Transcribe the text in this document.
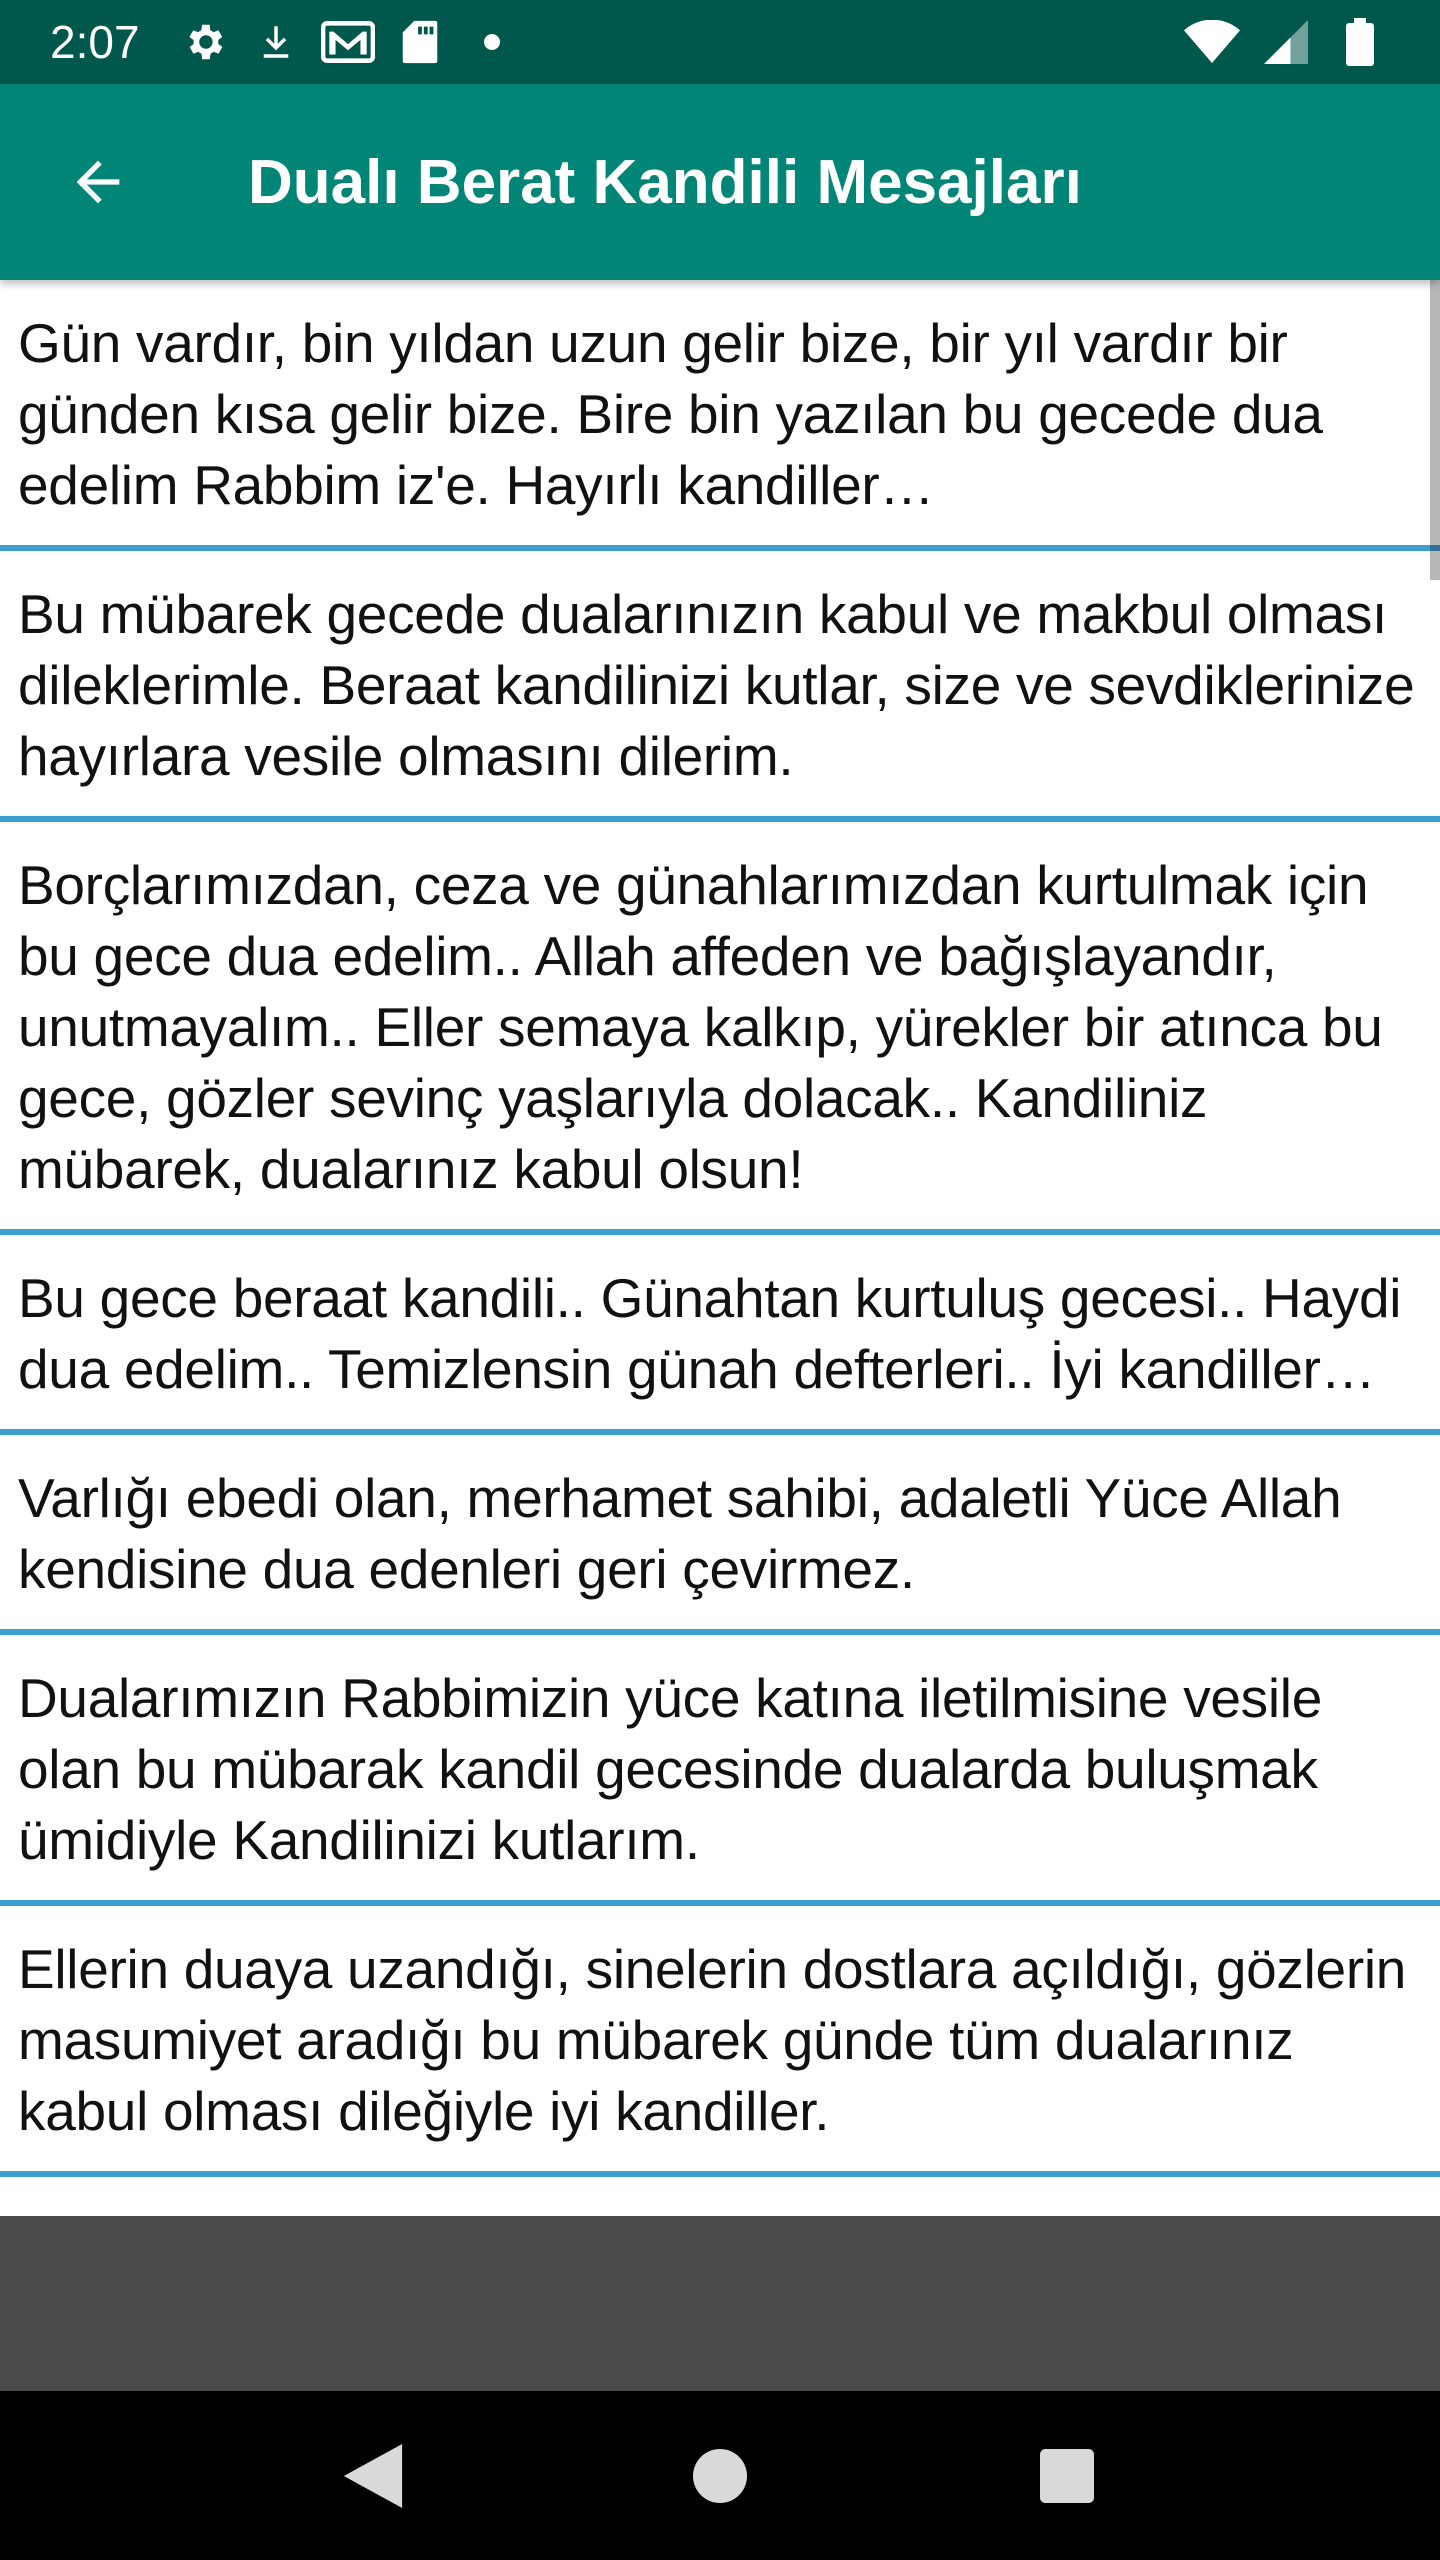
2:07
Dualı Berat Kandili Mesajları
Gün vardır, bin yıldan uzun gelir bize, bir yıl vardır bir günden kısa gelir bize. Bire bin yazılan bu gecede dua edelim Rabbim iz'e. Hayırlı kandiller…
Bu mübarek gecede dualarınızın kabul ve makbul olması dileklerimle. Beraat kandilinizi kutlar, size ve sevdiklerinize hayırlara vesile olmasını dilerim.
Borçlarımızdan, ceza ve günahlarımızdan kurtulmak için bu gece dua edelim.. Allah affeden ve bağışlayandır, unutmayalım.. Eller semaya kalkıp, yürekler bir atınca bu gece, gözler sevinç yaşlarıyla dolacak.. Kandiliniz mübarek, dualarınız kabul olsun!
Bu gece beraat kandili.. Günahtan kurtuluş gecesi.. Haydi dua edelim.. Temizlensin günah defterleri.. İyi kandiller…
Varlığı ebedi olan, merhamet sahibi, adaletli Yüce Allah kendisine dua edenleri geri çevirmez.
Dualarımızın Rabbimizin yüce katına iletilmisine vesile olan bu mübarak kandil gecesinde dualarda buluşmak ümidiyle Kandilinizi kutlarım.
Ellerin duaya uzandığı, sinelerin dostlara açıldığı, gözlerin masumiyet aradığı bu mübarek günde tüm dualarınız kabul olması dileğiyle iyi kandiller.
